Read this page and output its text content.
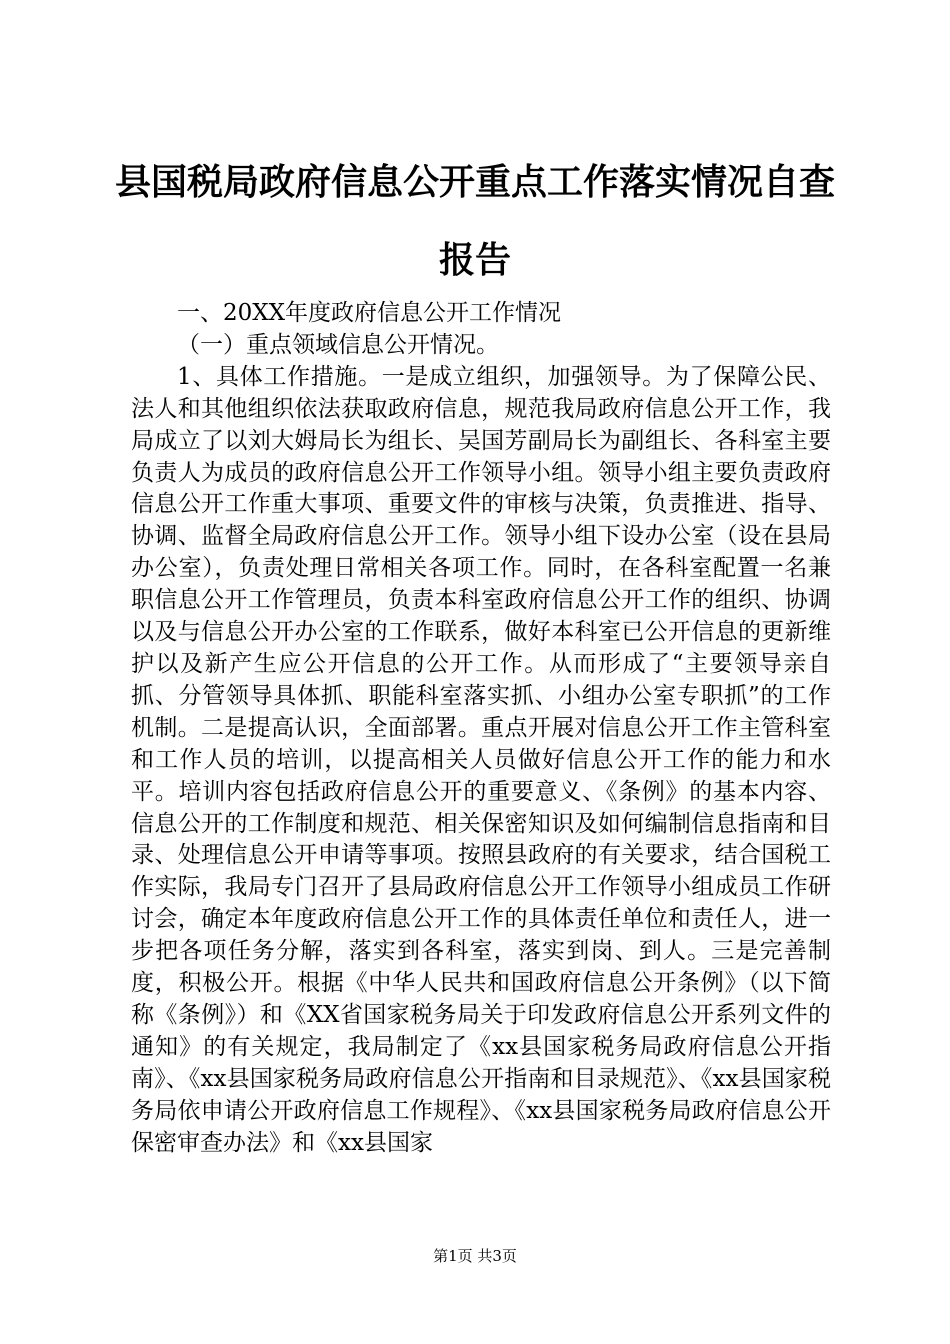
县国税局政府信息公开重点工作落实情况自查
报告

一、20XX年度政府信息公开工作情况

（一）重点领域信息公开情况。

1、具体工作措施。一是成立组织，加强领导。为了保障公民、法人和其他组织依法获取政府信息，规范我局政府信息公开工作，我局成立了以刘大姆局长为组长、吴国芳副局长为副组长、各科室主要负责人为成员的政府信息公开工作领导小组。领导小组主要负责政府信息公开工作重大事项、重要文件的审核与决策，负责推进、指导、协调、监督全局政府信息公开工作。领导小组下设办公室（设在县局办公室），负责处理日常相关各项工作。同时，在各科室配置一名兼职信息公开工作管理员，负责本科室政府信息公开工作的组织、协调以及与信息公开办公室的工作联系，做好本科室已公开信息的更新维护以及新产生应公开信息的公开工作。从而形成了“主要领导亲自抓、分管领导具体抓、职能科室落实抓、小组办公室专职抓”的工作机制。二是提高认识，全面部署。重点开展对信息公开工作主管科室和工作人员的培训，以提高相关人员做好信息公开工作的能力和水平。培训内容包括政府信息公开的重要意义、《条例》的基本内容、信息公开的工作制度和规范、相关保密知识及如何编制信息指南和目录、处理信息公开申请等事项。按照县政府的有关要求，结合国税工作实际，我局专门召开了县局政府信息公开工作领导小组成员工作研讨会，确定本年度政府信息公开工作的具体责任单位和责任人，进一步把各项任务分解，落实到各科室，落实到岗、到人。三是完善制度，积极公开。根据《中华人民共和国政府信息公开条例》（以下简称《条例》）和《XX省国家税务局关于印发政府信息公开系列文件的通知》的有关规定，我局制定了《xx县国家税务局政府信息公开指南》、《xx县国家税务局政府信息公开指南和目录规范》、《xx县国家税务局依申请公开政府信息工作规程》、《xx县国家税务局政府信息公开保密审查办法》和《xx县国家

第1页 共3页
